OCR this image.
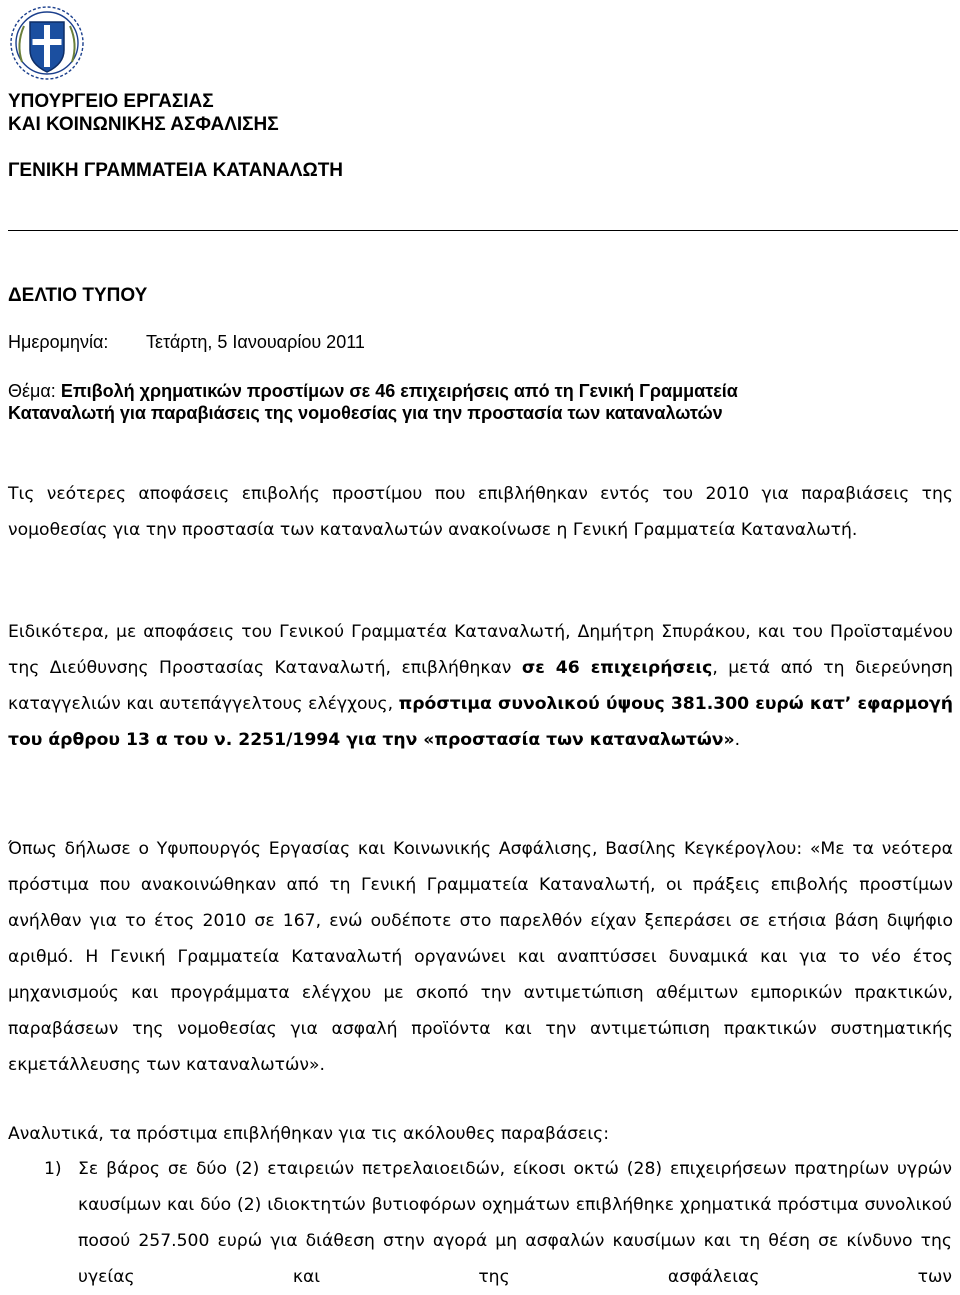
ΥΠΟΥΡΓΕΙΟ ΕΡΓΑΣΙΑΣ
ΚΑΙ ΚΟΙΝΩΝΙΚΗΣ ΑΣΦΑΛΙΣΗΣ
ΓΕΝΙΚΗ ΓΡΑΜΜΑΤΕΙΑ ΚΑΤΑΝΑΛΩΤΗ
ΔΕΛΤΙΟ ΤΥΠΟΥ
Ημερομηνία: Τετάρτη, 5 Ιανουαρίου 2011
Θέμα: Επιβολή χρηματικών προστίμων σε 46 επιχειρήσεις από τη Γενική Γραμματεία
Καταναλωτή για παραβιάσεις της νομοθεσίας για την προστασία των καταναλωτών
Τις νεότερες αποφάσεις επιβολής προστίμου που επιβλήθηκαν εντός του 2010 για παραβιάσεις της νομοθεσίας για την προστασία των καταναλωτών ανακοίνωσε η Γενική Γραμματεία Καταναλωτή.
Ειδικότερα, με αποφάσεις του Γενικού Γραμματέα Καταναλωτή, Δημήτρη Σπυράκου, και του Προϊσταμένου της Διεύθυνσης Προστασίας Καταναλωτή, επιβλήθηκαν σε 46 επιχειρήσεις, μετά από τη διερεύνηση καταγγελιών και αυτεπάγγελτους ελέγχους, πρόστιμα συνολικού ύψους 381.300 ευρώ κατ’ εφαρμογή του άρθρου 13 α του ν. 2251/1994 για την «προστασία των καταναλωτών».
Όπως δήλωσε ο Υφυπουργός Εργασίας και Κοινωνικής Ασφάλισης, Βασίλης Κεγκέρογλου: «Με τα νεότερα πρόστιμα που ανακοινώθηκαν από τη Γενική Γραμματεία Καταναλωτή, οι πράξεις επιβολής προστίμων ανήλθαν για το έτος 2010 σε 167, ενώ ουδέποτε στο παρελθόν είχαν ξεπεράσει σε ετήσια βάση διψήφιο αριθμό. Η Γενική Γραμματεία Καταναλωτή οργανώνει και αναπτύσσει δυναμικά και για το νέο έτος μηχανισμούς και προγράμματα ελέγχου με σκοπό την αντιμετώπιση αθέμιτων εμπορικών πρακτικών, παραβάσεων της νομοθεσίας για ασφαλή προϊόντα και την αντιμετώπιση πρακτικών συστηματικής εκμετάλλευσης των καταναλωτών».
Αναλυτικά, τα πρόστιμα επιβλήθηκαν για τις ακόλουθες παραβάσεις:
1) Σε βάρος σε δύο (2) εταιρειών πετρελαιοειδών, είκοσι οκτώ (28) επιχειρήσεων πρατηρίων υγρών καυσίμων και δύο (2) ιδιοκτητών βυτιοφόρων οχημάτων επιβλήθηκε χρηματικά πρόστιμα συνολικού ποσού 257.500 ευρώ για διάθεση στην αγορά μη ασφαλών καυσίμων και τη θέση σε κίνδυνο της υγείας και της ασφάλειας των
